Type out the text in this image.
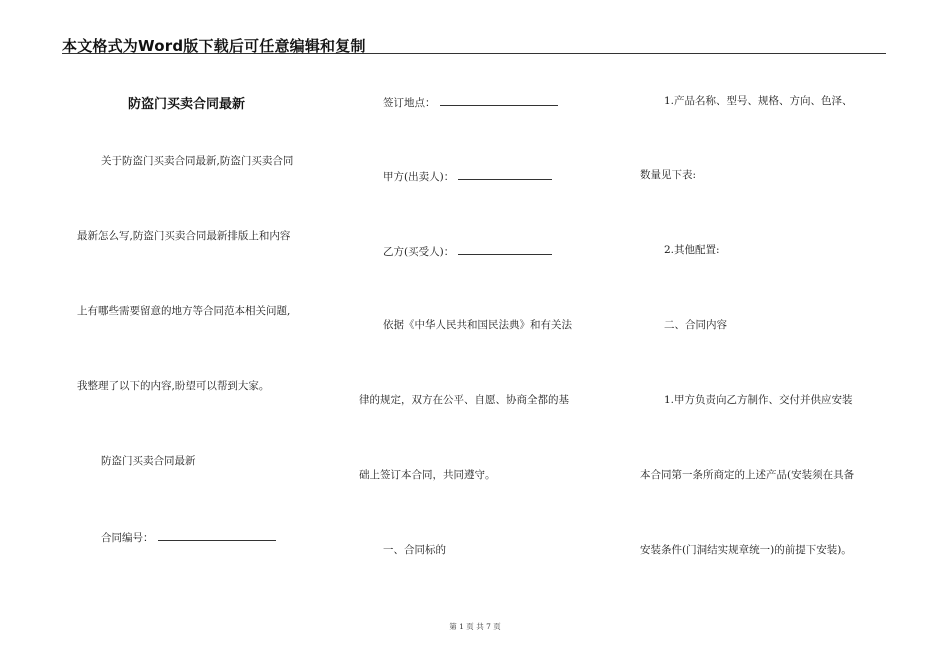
本文格式为Word版下载后可任意编辑和复制
防盗门买卖合同最新
关于防盗门买卖合同最新,防盗门买卖合同
最新怎么写,防盗门买卖合同最新排版上和内容
上有哪些需要留意的地方等合同范本相关问题,
我整理了以下的内容,盼望可以帮到大家。
防盗门买卖合同最新
合同编号：
签订地点：
甲方(出卖人)：
乙方(买受人)：
依据《中华人民共和国民法典》和有关法
律的规定，双方在公平、自愿、协商全都的基
础上签订本合同，共同遵守。
一、合同标的
1.产品名称、型号、规格、方向、色泽、
数量见下表:
2.其他配置:
二、合同内容
1.甲方负责向乙方制作、交付并供应安装
本合同第一条所商定的上述产品(安装须在具备
安装条件(门洞结实规章统一)的前提下安装)。
第 1 页 共 7 页
